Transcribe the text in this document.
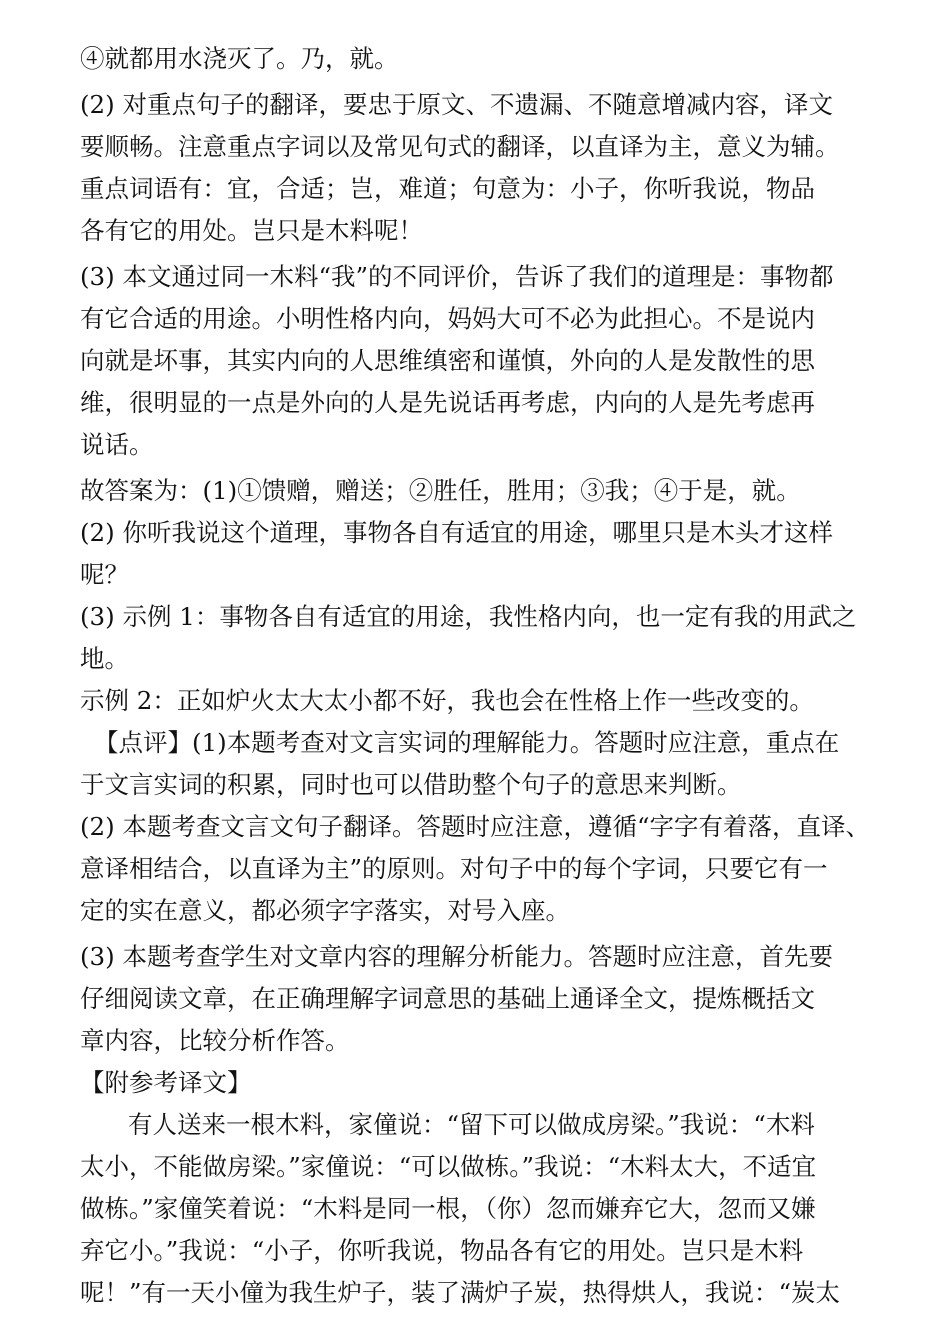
④就都用水浇灭了。乃，就。
(2) 对重点句子的翻译，要忠于原文、不遗漏、不随意增减内容，译文
要顺畅。注意重点字词以及常见句式的翻译，以直译为主，意义为辅。
重点词语有：宜，合适；岂，难道；句意为：小子，你听我说，物品
各有它的用处。岂只是木料呢！
(3) 本文通过同一木料“我”的不同评价，告诉了我们的道理是：事物都
有它合适的用途。小明性格内向，妈妈大可不必为此担心。不是说内
向就是坏事，其实内向的人思维缜密和谨慎，外向的人是发散性的思
维，很明显的一点是外向的人是先说话再考虑，内向的人是先考虑再
说话。
故答案为：(1)①馈赠，赠送；②胜任，胜用；③我；④于是，就。
(2) 你听我说这个道理，事物各自有适宜的用途，哪里只是木头才这样
呢？
(3) 示例 1：事物各自有适宜的用途，我性格内向，也一定有我的用武之
地。
示例 2：正如炉火太大太小都不好，我也会在性格上作一些改变的。
【点评】(1)本题考查对文言实词的理解能力。答题时应注意，重点在
于文言实词的积累，同时也可以借助整个句子的意思来判断。
(2) 本题考查文言文句子翻译。答题时应注意，遵循“字字有着落，直译、
意译相结合，以直译为主”的原则。对句子中的每个字词，只要它有一
定的实在意义，都必须字字落实，对号入座。
(3) 本题考查学生对文章内容的理解分析能力。答题时应注意，首先要
仔细阅读文章，在正确理解字词意思的基础上通译全文，提炼概括文
章内容，比较分析作答。
【附参考译文】
有人送来一根木料，家僮说：“留下可以做成房梁。”我说：“木料
太小，不能做房梁。”家僮说：“可以做栋。”我说：“木料太大，不适宜
做栋。”家僮笑着说：“木料是同一根，（你）忽而嫌弃它大，忽而又嫌
弃它小。”我说：“小子，你听我说，物品各有它的用处。岂只是木料
呢！”有一天小僮为我生炉子，装了满炉子炭，热得烘人，我说：“炭太
